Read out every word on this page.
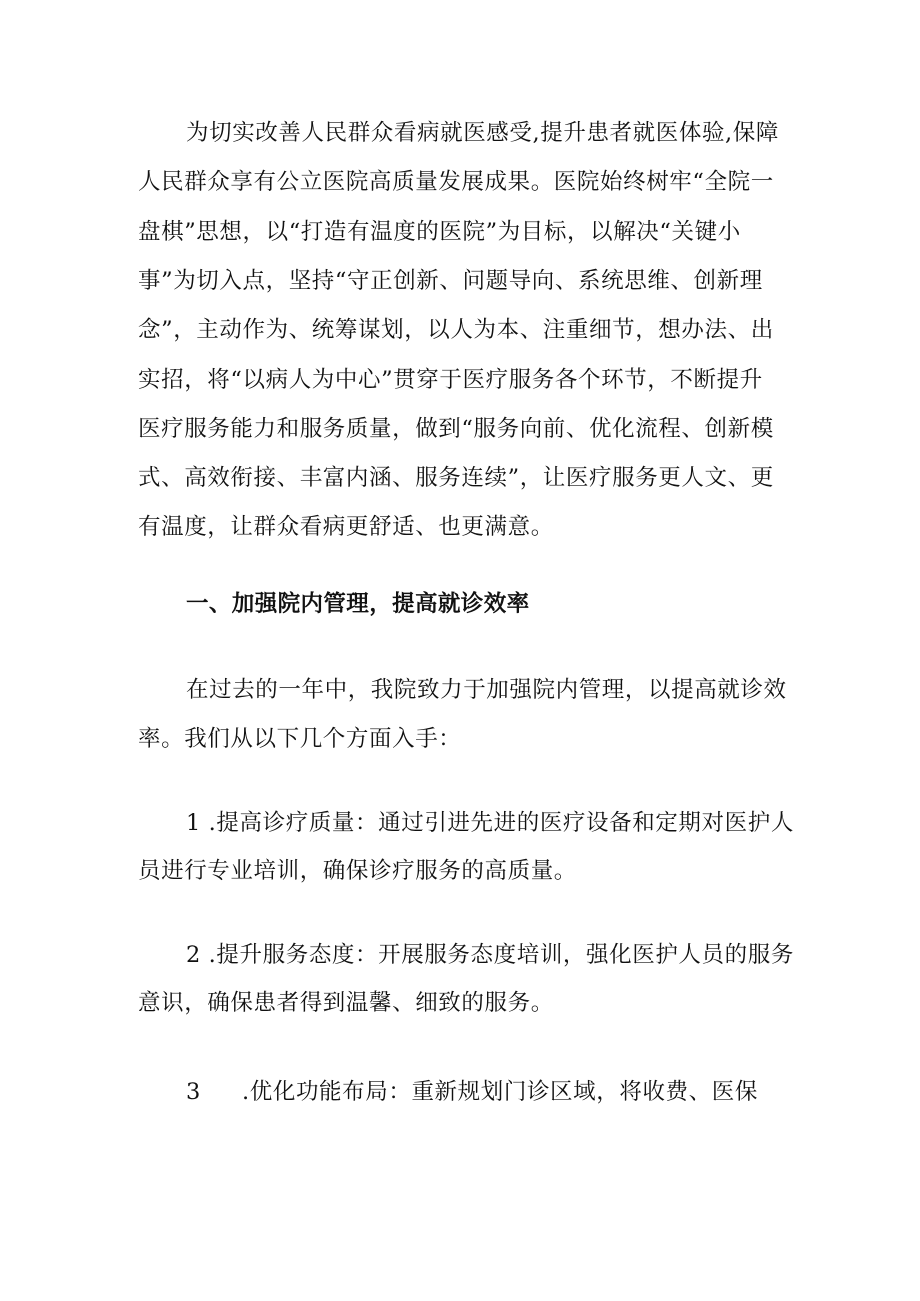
为切实改善人民群众看病就医感受,提升患者就医体验,保障
人民群众享有公立医院高质量发展成果。医院始终树牢“全院一
盘棋”思想，以“打造有温度的医院”为目标，以解决“关键小
事”为切入点，坚持“守正创新、问题导向、系统思维、创新理
念”，主动作为、统筹谋划，以人为本、注重细节，想办法、出
实招，将“以病人为中心”贯穿于医疗服务各个环节，不断提升
医疗服务能力和服务质量，做到“服务向前、优化流程、创新模
式、高效衔接、丰富内涵、服务连续”，让医疗服务更人文、更
有温度，让群众看病更舒适、也更满意。
一、加强院内管理，提高就诊效率
在过去的一年中，我院致力于加强院内管理，以提高就诊效
率。我们从以下几个方面入手：
1 .提高诊疗质量：通过引进先进的医疗设备和定期对医护人
员进行专业培训，确保诊疗服务的高质量。
2 .提升服务态度：开展服务态度培训，强化医护人员的服务
意识，确保患者得到温馨、细致的服务。
3 .优化功能布局：重新规划门诊区域，将收费、医保
